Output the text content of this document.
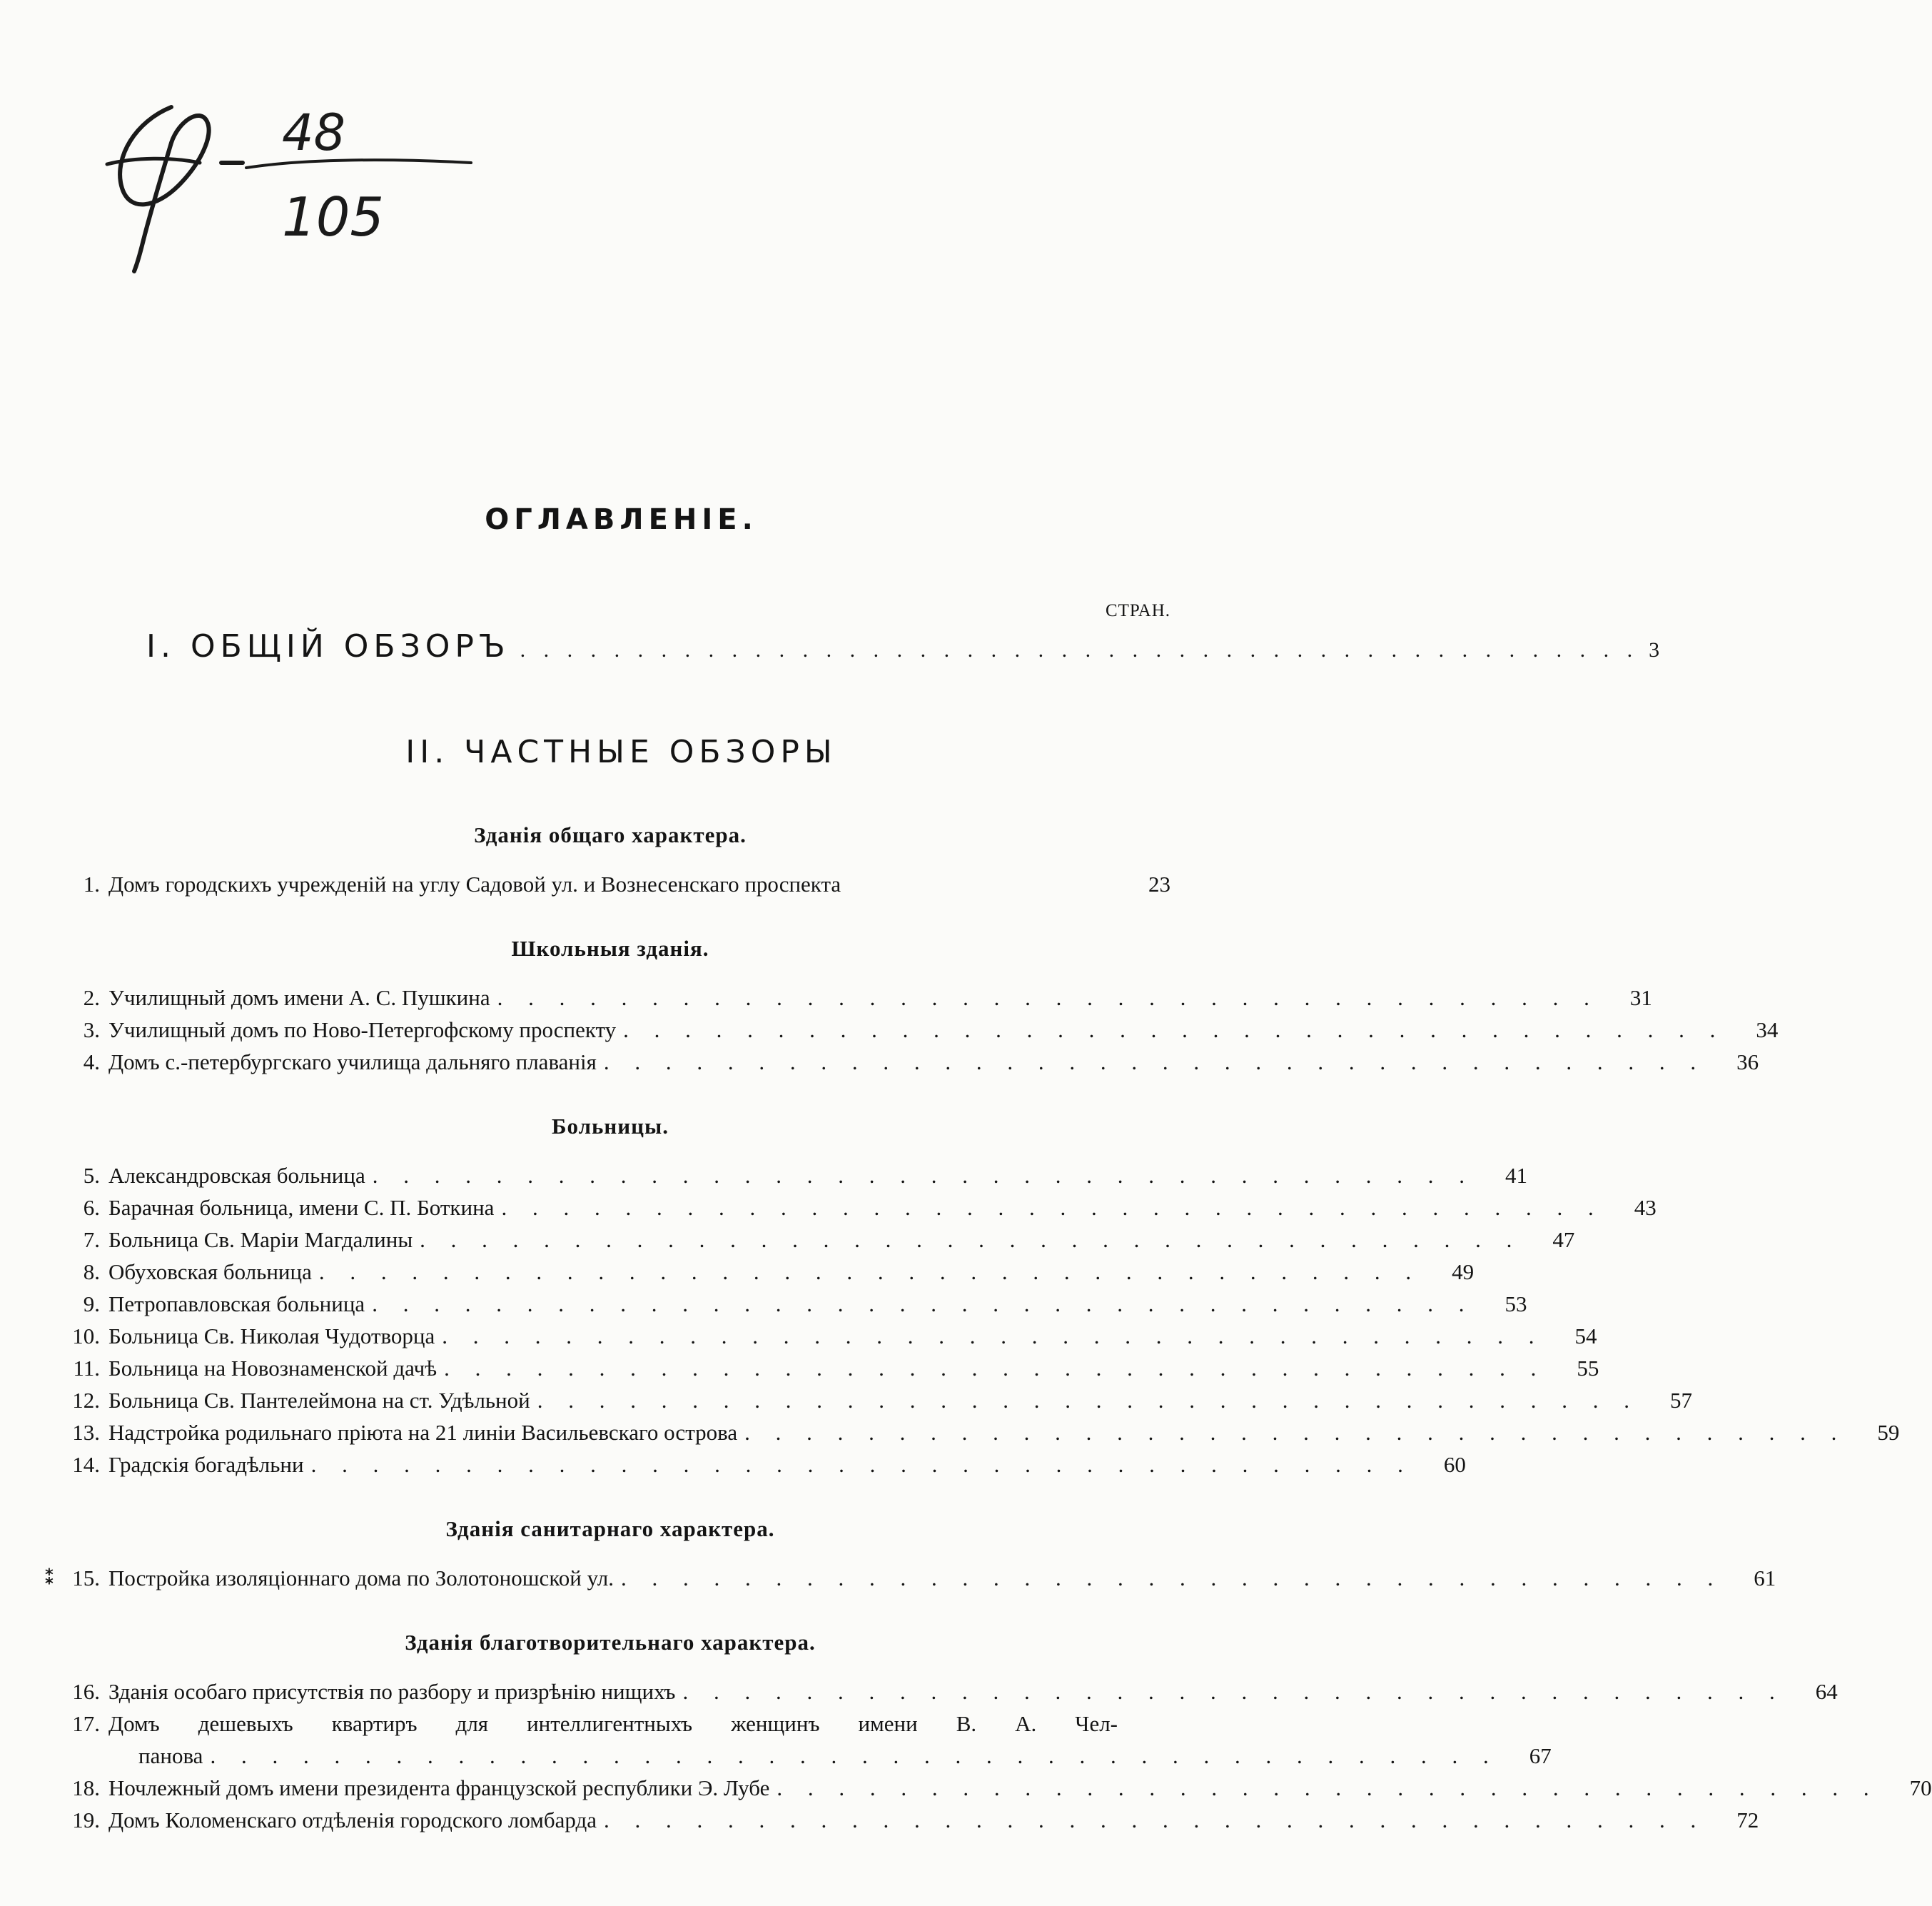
48
105
ОГЛАВЛЕНІЕ.
СТРАН.
I. ОБЩІЙ ОБЗОРЪ . . . . . . . . . . . . . . . . . . . . . . . . . . . . . . . . . . . . . . . . . . . . . . . . 3
II. ЧАСТНЫЕ ОБЗОРЫ
Зданія общаго характера.
1. Домъ городскихъ учрежденій на углу Садовой ул. и Вознесенскаго проспекта	23
Школьныя зданія.
2. Училищный домъ имени А. С. Пушкина . . . . . . . . . . . . . . . . . . . . . . . . . . . . . . . . . . . .	31
3. Училищный домъ по Ново-Петергофскому проспекту . . . . . . . . . . . . . . . . . . . . . . . . . . . . . . . . . . . .	34
4. Домъ с.-петербургскаго училища дальняго плаванія . . . . . . . . . . . . . . . . . . . . . . . . . . . . . . . . . . . .	36
Больницы.
5. Александровская больница . . . . . . . . . . . . . . . . . . . . . . . . . . . . . . . . . . . .	41
6. Барачная больница, имени С. П. Боткина . . . . . . . . . . . . . . . . . . . . . . . . . . . . . . . . . . . .	43
7. Больница Св. Маріи Магдалины . . . . . . . . . . . . . . . . . . . . . . . . . . . . . . . . . . . .	47
8. Обуховская больница . . . . . . . . . . . . . . . . . . . . . . . . . . . . . . . . . . . .	49
9. Петропавловская больница . . . . . . . . . . . . . . . . . . . . . . . . . . . . . . . . . . . .	53
10. Больница Св. Николая Чудотворца . . . . . . . . . . . . . . . . . . . . . . . . . . . . . . . . . . . .	54
11. Больница на Новознаменской дачѣ . . . . . . . . . . . . . . . . . . . . . . . . . . . . . . . . . . . .	55
12. Больница Св. Пантелеймона на ст. Удѣльной . . . . . . . . . . . . . . . . . . . . . . . . . . . . . . . . . . . .	57
13. Надстройка родильнаго пріюта на 21 линіи Васильевскаго острова . . . . . . . . . . . . . . . . . . . . . . . . . . . . . . . . . . . .	59
14. Градскія богадѣльни . . . . . . . . . . . . . . . . . . . . . . . . . . . . . . . . . . . .	60
Зданія санитарнаго характера.
⁑ 15. Постройка изоляціоннаго дома по Золотоношской ул. . . . . . . . . . . . . . . . . . . . . . . . . . . . . . . . . . . . .	61
Зданія благотворительнаго характера.
16. Зданія особаго присутствія по разбору и призрѣнію нищихъ . . . . . . . . . . . . . . . . . . . . . . . . . . . . . . . . . . . .	64
17. Домъ дешевыхъ квартиръ для интеллигентныхъ женщинъ имени В. А. Чел-
панова . . . . . . . . . . . . . . . . . . . . . . . . . . . . . . . . . . . . . . . . . .	67
18. Ночлежный домъ имени президента французской республики Э. Лубе . . . . . . . . . . . . . . . . . . . . . . . . . . . . . . . . . . . .	70
19. Домъ Коломенскаго отдѣленія городского ломбарда . . . . . . . . . . . . . . . . . . . . . . . . . . . . . . . . . . . .	72
